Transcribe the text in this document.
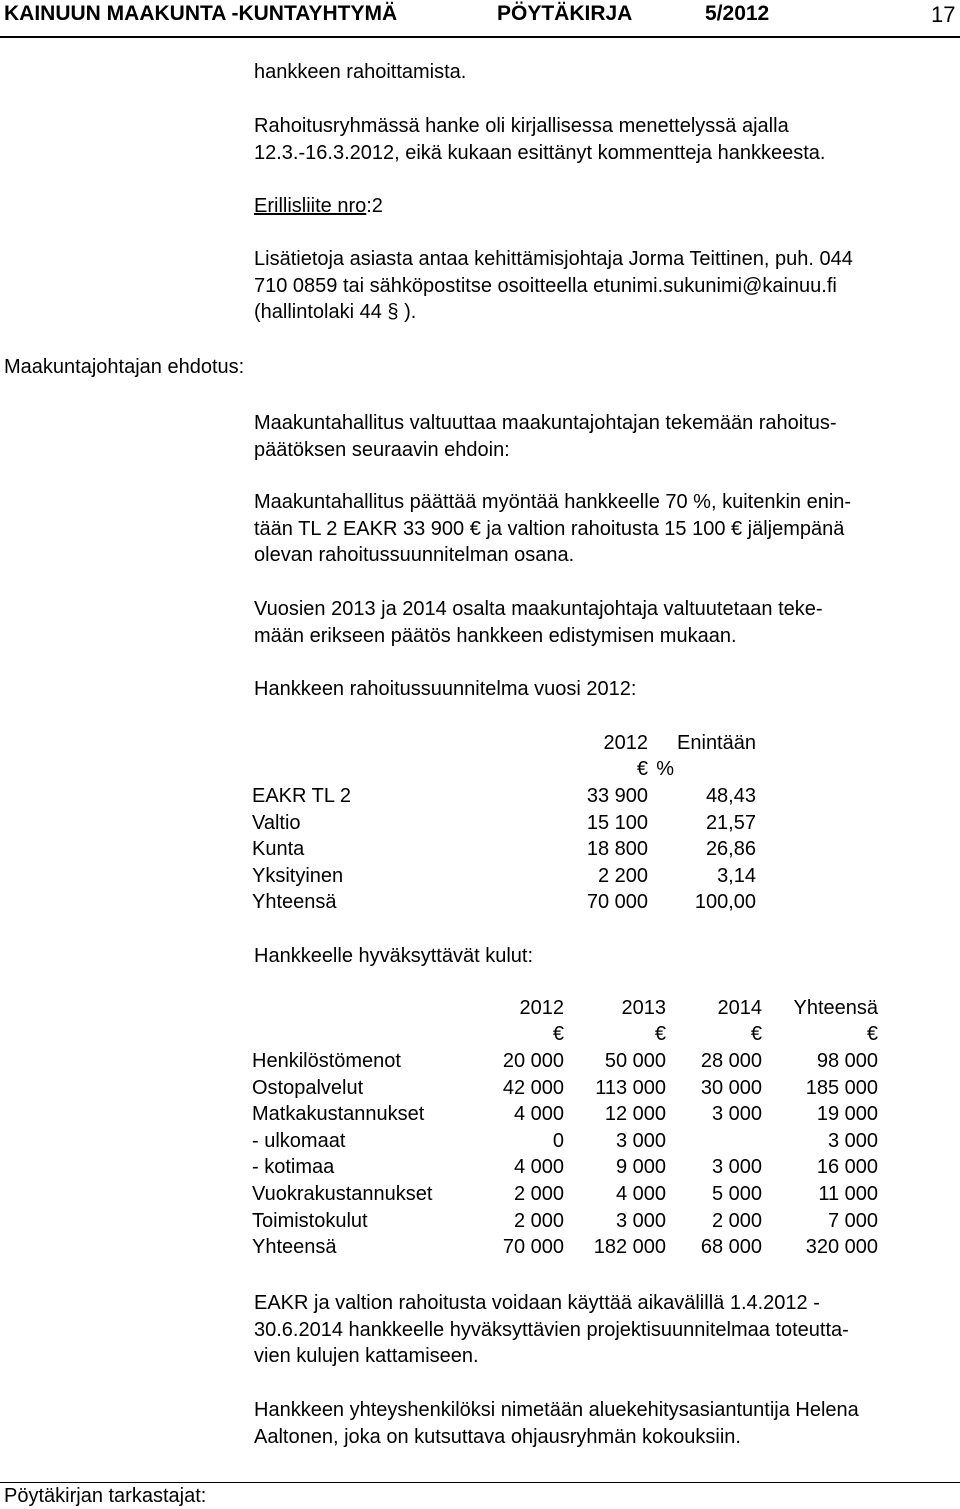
KAINUUN MAAKUNTA -KUNTAYHTYMÄ	PÖYTÄKIRJA	5/2012	17
hankkeen rahoittamista.
Rahoitusryhmässä hanke oli kirjallisessa menettelyssä ajalla
12.3.-16.3.2012, eikä kukaan esittänyt kommentteja hankkeesta.
Erillisliite nro:2
Lisätietoja asiasta antaa kehittämisjohtaja Jorma Teittinen, puh. 044
710 0859 tai sähköpostitse osoitteella etunimi.sukunimi@kainuu.fi
(hallintolaki 44 § ).
Maakuntajohtajan ehdotus:
Maakuntahallitus valtuuttaa maakuntajohtajan tekemään rahoitus-
päätöksen seuraavin ehdoin:
Maakuntahallitus päättää myöntää hankkeelle 70 %, kuitenkin enin-
tään TL 2 EAKR 33 900 € ja valtion rahoitusta 15 100 € jäljempänä
olevan rahoitussuunnitelman osana.
Vuosien 2013 ja 2014 osalta maakuntajohtaja valtuutetaan teke-
mään erikseen päätös hankkeen edistymisen mukaan.
Hankkeen rahoitussuunnitelma vuosi 2012:
	2012	Enintään
	€	%
EAKR TL 2	33 900	48,43
Valtio	15 100	21,57
Kunta	18 800	26,86
Yksityinen	2 200	3,14
Yhteensä	70 000	100,00
Hankkeelle hyväksyttävät kulut:
	2012	2013	2014	Yhteensä
	€	€	€	€
Henkilöstömenot	20 000	50 000	28 000	98 000
Ostopalvelut	42 000	113 000	30 000	185 000
Matkakustannukset	4 000	12 000	3 000	19 000
- ulkomaat	0	3 000		3 000
- kotimaa	4 000	9 000	3 000	16 000
Vuokrakustannukset	2 000	4 000	5 000	11 000
Toimistokulut	2 000	3 000	2 000	7 000
Yhteensä	70 000	182 000	68 000	320 000
EAKR ja valtion rahoitusta voidaan käyttää aikavälillä 1.4.2012 -
30.6.2014 hankkeelle hyväksyttävien projektisuunnitelmaa toteutta-
vien kulujen kattamiseen.
Hankkeen yhteyshenkilöksi nimetään aluekehitysasiantuntija Helena
Aaltonen, joka on kutsuttava ohjausryhmän kokouksiin.
Pöytäkirjan tarkastajat:
